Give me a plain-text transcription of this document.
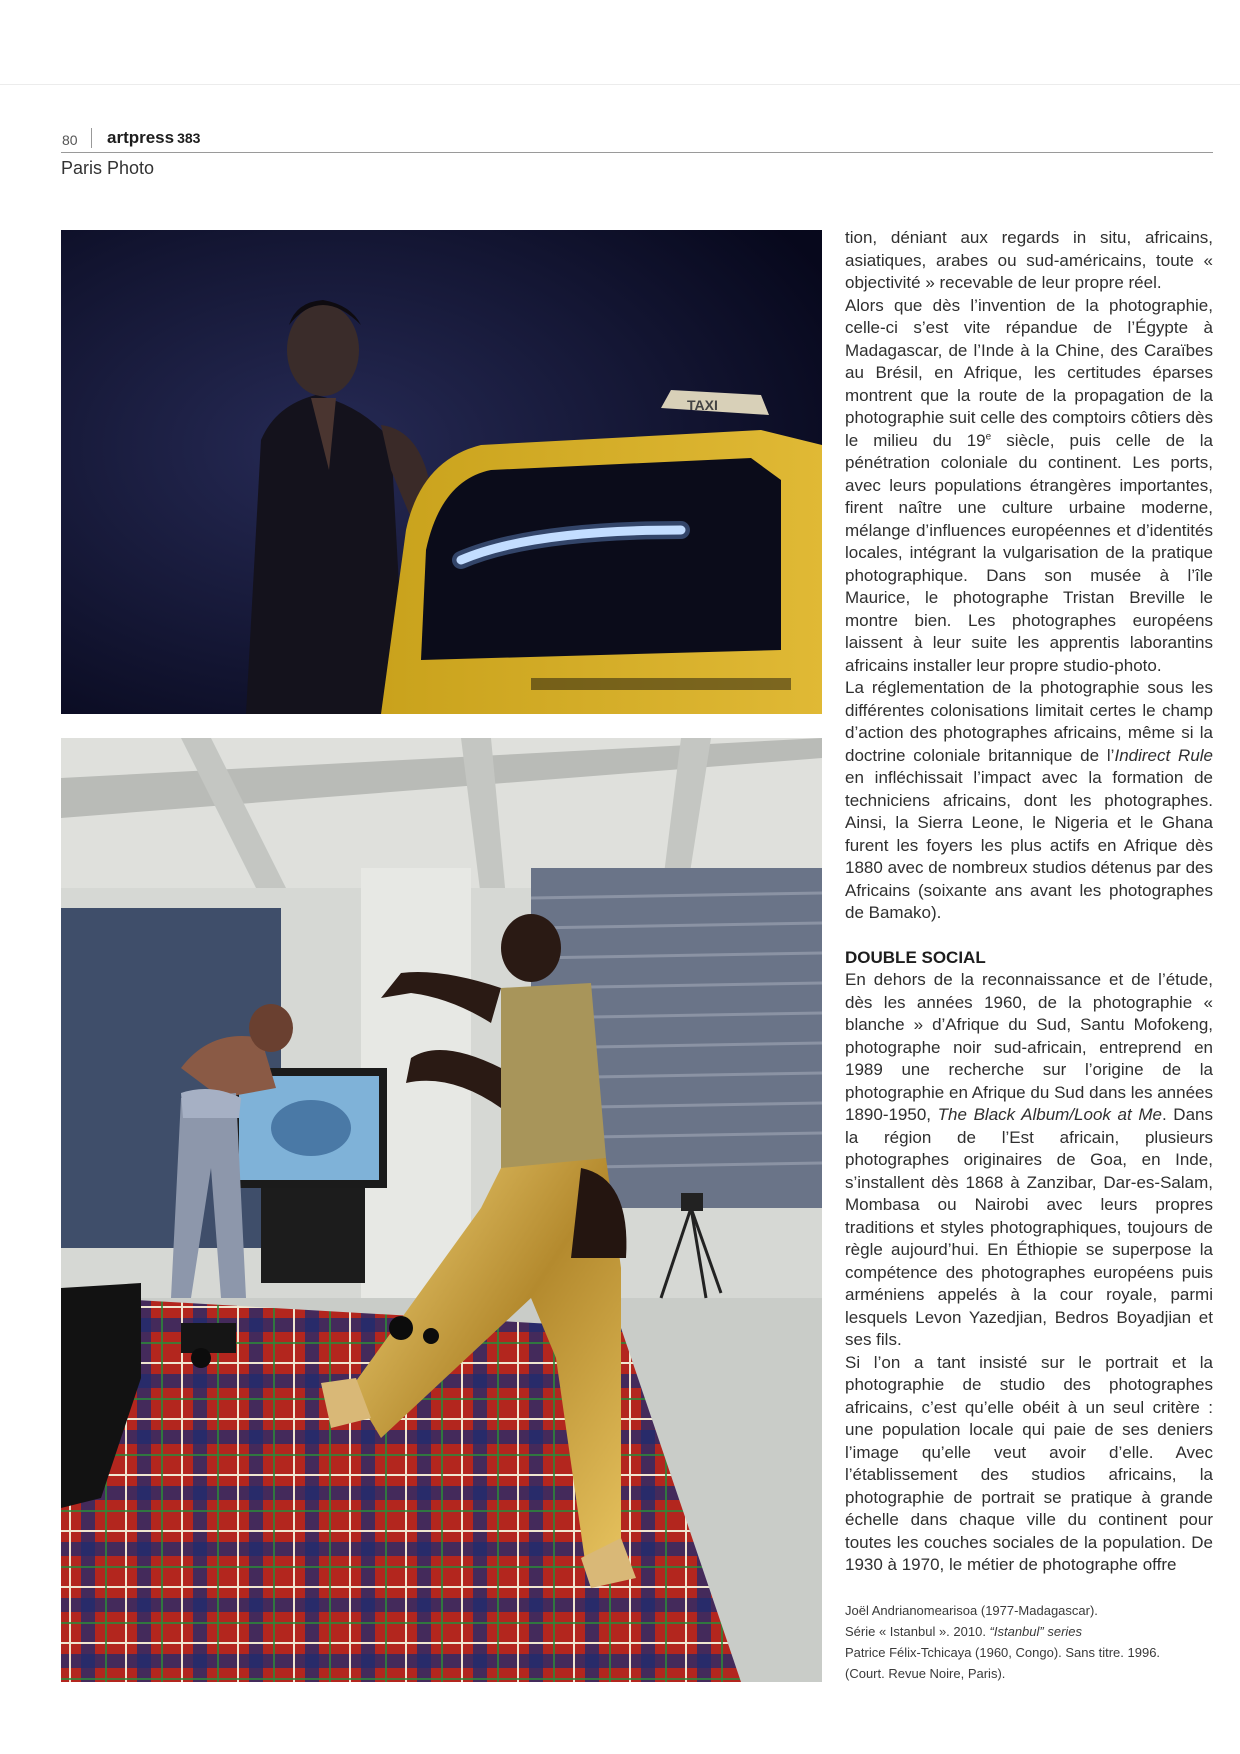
80 artpress 383
Paris Photo
TAXI

tion, déniant aux regards in situ, africains, asiatiques, arabes ou sud-américains, toute « objectivité » recevable de leur propre réel.

Alors que dès l’invention de la photographie, celle-ci s’est vite répandue de l’Égypte à Madagascar, de l’Inde à la Chine, des Caraïbes au Brésil, en Afrique, les certitudes éparses montrent que la route de la propagation de la photographie suit celle des comptoirs côtiers dès le milieu du 19e siècle, puis celle de la pénétration coloniale du continent. Les ports, avec leurs populations étrangères importantes, firent naître une culture urbaine moderne, mélange d’influences européennes et d’identités locales, intégrant la vulgarisation de la pratique photographique. Dans son musée à l’île Maurice, le photographe Tristan Breville le montre bien. Les photographes européens laissent à leur suite les apprentis laborantins africains installer leur propre studio-photo.

La réglementation de la photographie sous les différentes colonisations limitait certes le champ d’action des photographes africains, même si la doctrine coloniale britannique de l’Indirect Rule en infléchissait l’impact avec la formation de techniciens africains, dont les photographes. Ainsi, la Sierra Leone, le Nigeria et le Ghana furent les foyers les plus actifs en Afrique dès 1880 avec de nombreux studios détenus par des Africains (soixante ans avant les photographes de Bamako).

DOUBLE SOCIAL

En dehors de la reconnaissance et de l’étude, dès les années 1960, de la photographie « blanche » d’Afrique du Sud, Santu Mofokeng, photographe noir sud-africain, entreprend en 1989 une recherche sur l’origine de la photographie en Afrique du Sud dans les années 1890-1950, The Black Album/Look at Me. Dans la région de l’Est africain, plusieurs photographes originaires de Goa, en Inde, s’installent dès 1868 à Zanzibar, Dar-es-Salam, Mombasa ou Nairobi avec leurs propres traditions et styles photographiques, toujours de règle aujourd’hui. En Éthiopie se superpose la compétence des photographes européens puis arméniens appelés à la cour royale, parmi lesquels Levon Yazedjian, Bedros Boyadjian et ses fils.

Si l’on a tant insisté sur le portrait et la photographie de studio des photographes africains, c’est qu’elle obéit à un seul critère : une population locale qui paie de ses deniers l’image qu’elle veut avoir d’elle. Avec l’établissement des studios africains, la photographie de portrait se pratique à grande échelle dans chaque ville du continent pour toutes les couches sociales de la population. De 1930 à 1970, le métier de photographe offre

Joël Andrianomearisoa (1977-Madagascar).

Série « Istanbul ». 2010. “Istanbul” series

Patrice Félix-Tchicaya (1960, Congo). Sans titre. 1996.

(Court. Revue Noire, Paris).
